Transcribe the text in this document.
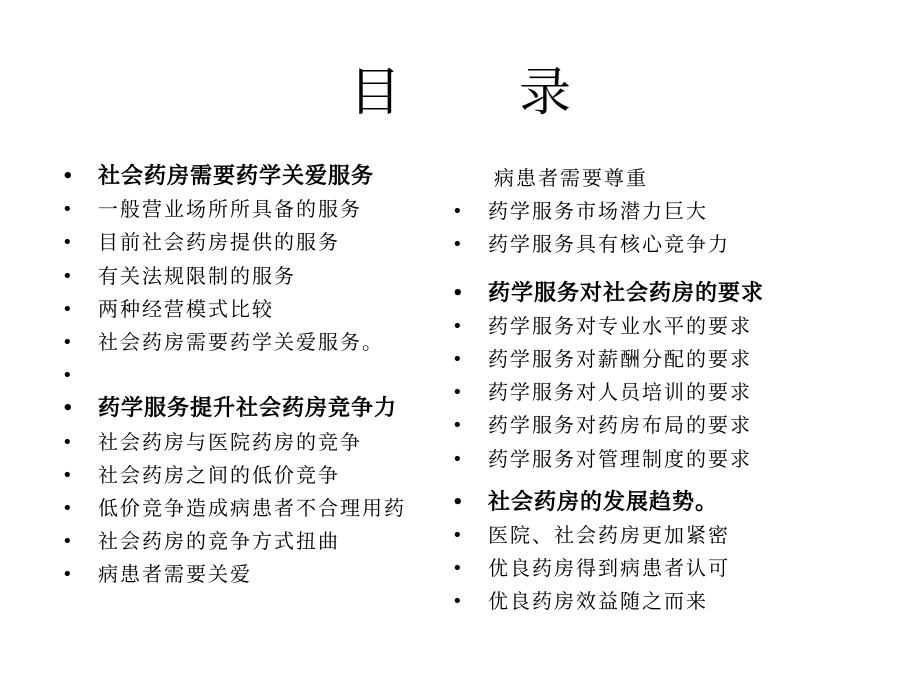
目 录
• 社会药房需要药学关爱服务
• 一般营业场所所具备的服务
• 目前社会药房提供的服务
• 有关法规限制的服务
• 两种经营模式比较
• 社会药房需要药学关爱服务。
•
• 药学服务提升社会药房竞争力
• 社会药房与医院药房的竞争
• 社会药房之间的低价竞争
• 低价竞争造成病患者不合理用药
• 社会药房的竞争方式扭曲
• 病患者需要关爱
病患者需要尊重
• 药学服务市场潜力巨大
• 药学服务具有核心竞争力
• 药学服务对社会药房的要求
• 药学服务对专业水平的要求
• 药学服务对薪酬分配的要求
• 药学服务对人员培训的要求
• 药学服务对药房布局的要求
• 药学服务对管理制度的要求
• 社会药房的发展趋势。
• 医院、社会药房更加紧密
• 优良药房得到病患者认可
• 优良药房效益随之而来
